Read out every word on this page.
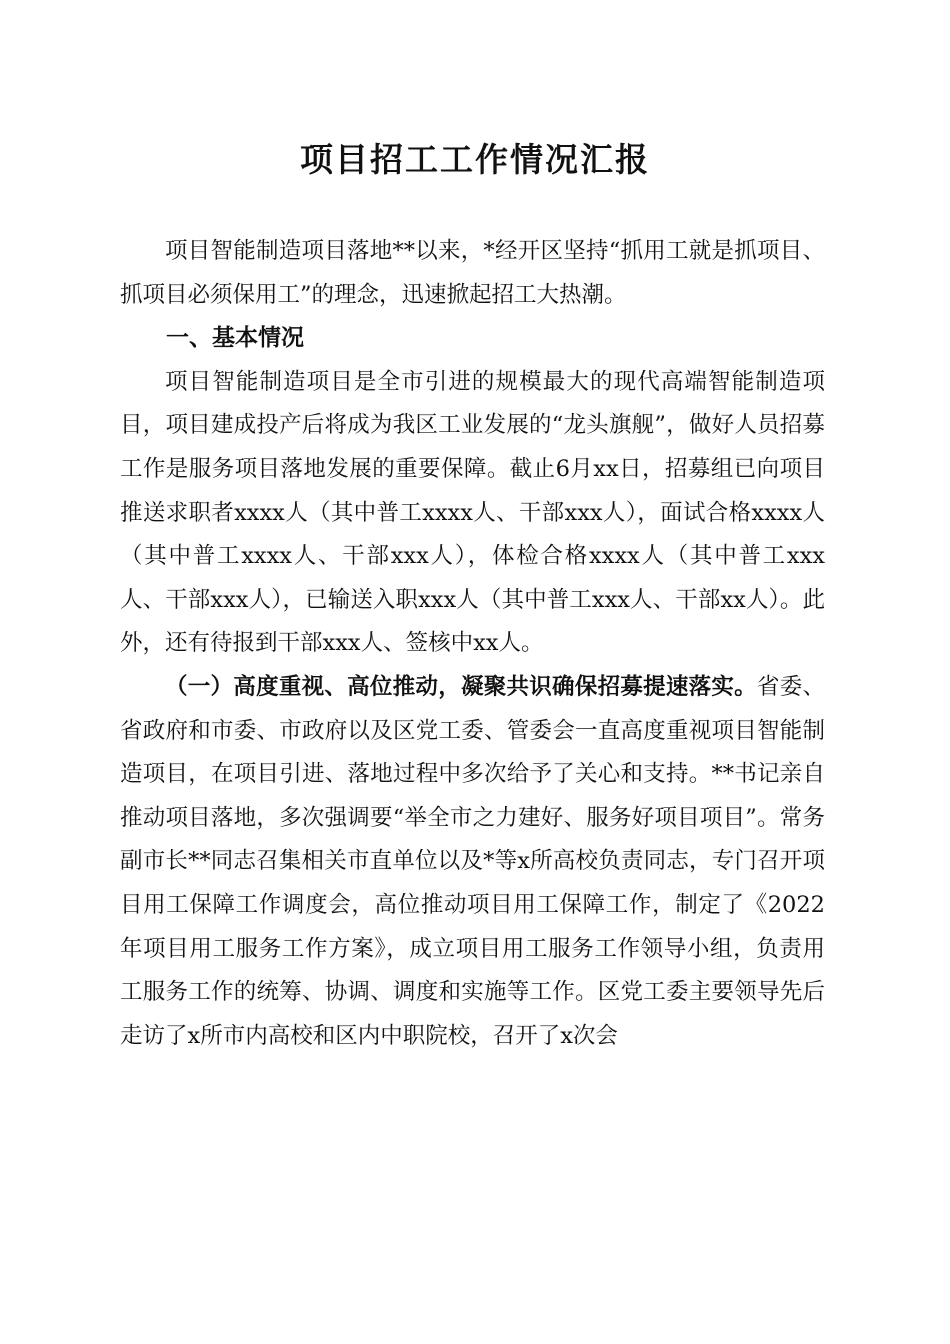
项目招工工作情况汇报

项目智能制造项目落地**以来，*经开区坚持“抓用工就是抓项目、抓项目必须保用工”的理念，迅速掀起招工大热潮。

一、基本情况

项目智能制造项目是全市引进的规模最大的现代高端智能制造项目，项目建成投产后将成为我区工业发展的“龙头旗舰”，做好人员招募工作是服务项目落地发展的重要保障。截止6月xx日，招募组已向项目推送求职者xxxx人（其中普工xxxx人、干部xxx人），面试合格xxxx人（其中普工xxxx人、干部xxx人），体检合格xxxx人（其中普工xxx人、干部xxx人），已输送入职xxx人（其中普工xxx人、干部xx人）。此外，还有待报到干部xxx人、签核中xx人。

（一）高度重视、高位推动，凝聚共识确保招募提速落实。省委、省政府和市委、市政府以及区党工委、管委会一直高度重视项目智能制造项目，在项目引进、落地过程中多次给予了关心和支持。**书记亲自推动项目落地，多次强调要“举全市之力建好、服务好项目项目”。常务副市长**同志召集相关市直单位以及*等x所高校负责同志，专门召开项目用工保障工作调度会，高位推动项目用工保障工作，制定了《2022年项目用工服务工作方案》，成立项目用工服务工作领导小组，负责用工服务工作的统筹、协调、调度和实施等工作。区党工委主要领导先后走访了x所市内高校和区内中职院校，召开了x次会
